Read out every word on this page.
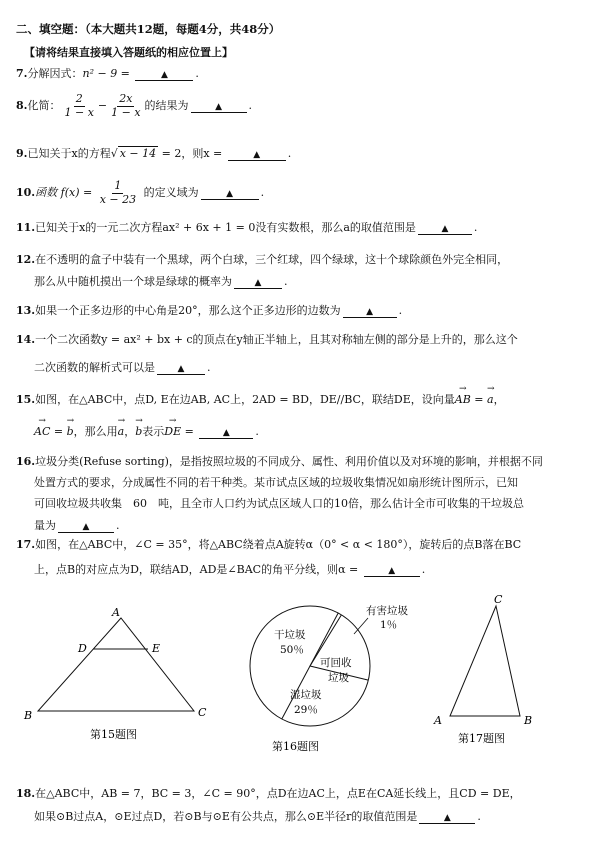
二、填空题：（本大题共12题，每题4分，共48分）
【请将结果直接填入答题纸的相应位置上】
7.分解因式：n² − 9 =	▲	.
8.化简： $\frac{2}{1 - x} - \frac{2x}{1 - x}$ 的结果为	▲ .
9.已知关于x的方程√ x − 14 = 2，则x =	▲	.
10.函数 $f(x) = \frac{1}{x - 23}$ 的定义域为	▲	.
11.已知关于x的一元二次方程ax² + 6x + 1 = 0没有实数根，那么a的取值范围是	▲ .
12.在不透明的盒子中装有一个黑球，两个白球，三个红球，四个绿球，这十个球除颜色外完全相同，
那么从中随机摸出一个球是绿球的概率为	▲ .
13.如果一个正多边形的中心角是20°，那么这个正多边形的边数为	▲ .
14.一个二次函数y = ax² + bx + c的顶点在y轴正半轴上，且其对称轴左侧的部分是上升的，那么这个
二次函数的解析式可以是	▲ .
15.如图，在△ABC中，点D, E在边AB, AC上，2AD = BD，DE//BC，联结DE，设向量→ AB = → a，
→ AC = → b，那么用→ a，→ b表示→ DE =	▲ .
16.垃圾分类(Refuse sorting)，是指按照垃圾的不同成分、属性、利用价值以及对环境的影响，并根据不同
处置方式的要求，分成属性不同的若干种类。某市试点区域的垃圾收集情况如扇形统计图所示，已知
可回收垃圾共收集　60　吨，且全市人口约为试点区域人口的10倍，那么估计全市可收集的干垃圾总
量为	▲ .
17.如图，在△ABC中，∠C = 35°，将△ABC绕着点A旋转α（0° < α < 180°），旋转后的点B落在BC
上，点B的对应点为D，联结AD，AD是∠BAC的角平分线，则α =	▲ .
A
D	E
B	C
第15题图
有害垃圾
1％
干垃圾
50％
可回收
垃圾
湿垃圾
29％
第16题图
C
A	B
第17题图
18.在△ABC中，AB = 7，BC = 3，∠C = 90°，点D在边AC上，点E在CA延长线上，且CD = DE，
如果⊙B过点A，⊙E过点D，若⊙B与⊙E有公共点，那么⊙E半径r的取值范围是	▲ .
